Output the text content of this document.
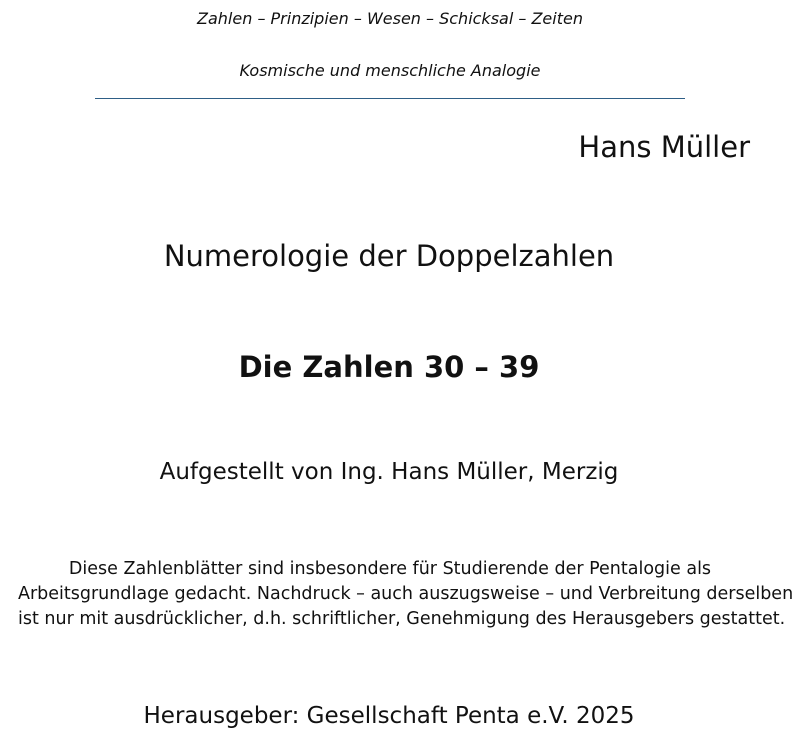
Zahlen – Prinzipien – Wesen – Schicksal – Zeiten
Kosmische und menschliche Analogie
Hans Müller
Numerologie der Doppelzahlen
Die Zahlen 30 – 39
Aufgestellt von Ing. Hans Müller, Merzig
Diese Zahlenblätter sind insbesondere für Studierende der Pentalogie als
Arbeitsgrundlage gedacht. Nachdruck – auch auszugsweise – und Verbreitung derselben
ist nur mit ausdrücklicher, d.h. schriftlicher, Genehmigung des Herausgebers gestattet.
Herausgeber: Gesellschaft Penta e.V. 2025
